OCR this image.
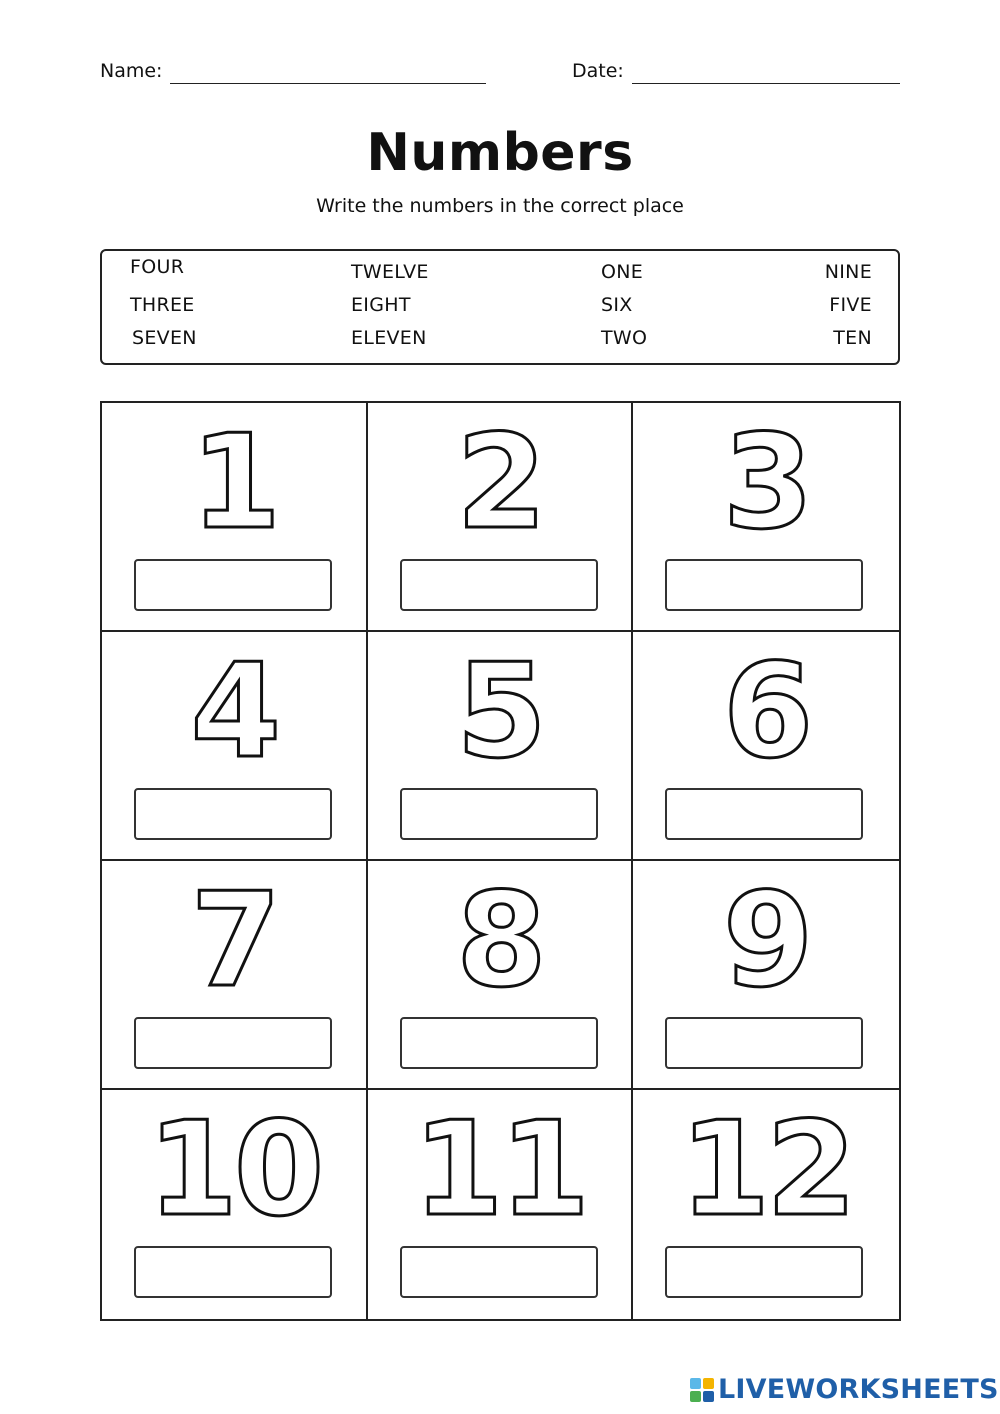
Name:	Date:
Numbers
Write the numbers in the correct place
FOUR	TWELVE	ONE	NINE
THREE	EIGHT	SIX	FIVE
SEVEN	ELEVEN	TWO	TEN
1	2	3
4	5	6
7	8	9
10 11 12
LIVEWORKSHEETS
